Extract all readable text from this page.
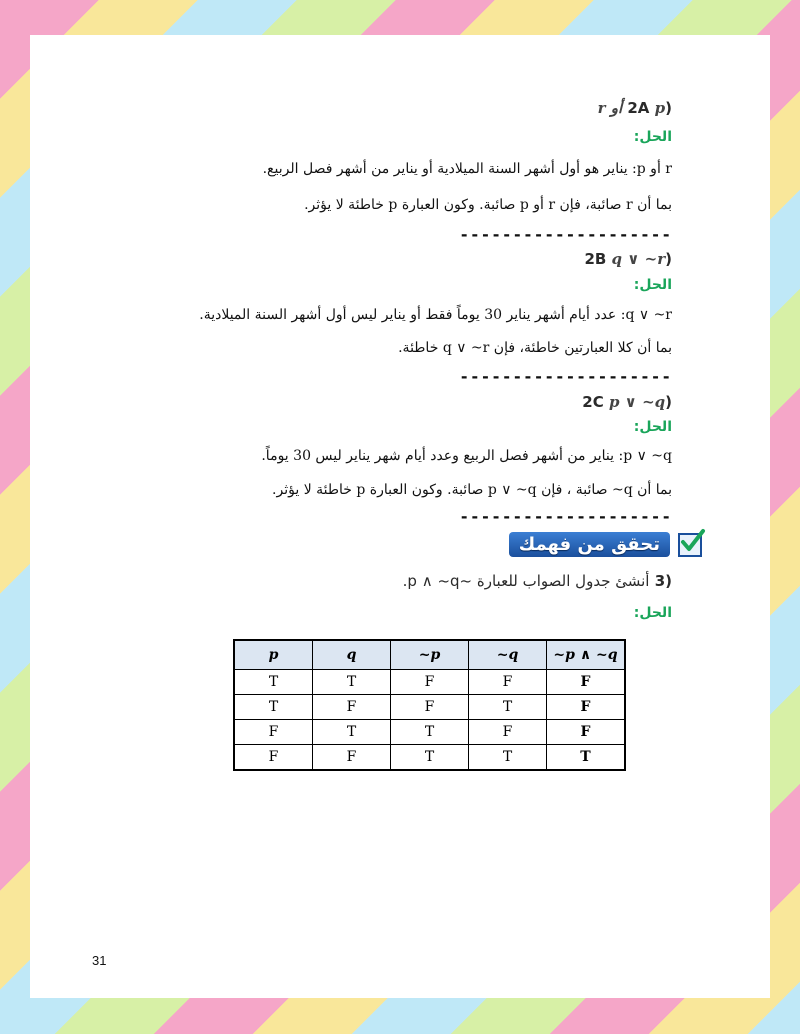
(2A p أو r
الحل:
r أو p: يناير هو أول أشهر السنة الميلادية أو يناير من أشهر فصل الربيع.
بما أن r صائبة، فإن r أو p صائبة. وكون العبارة p خاطئة لا يؤثر.
--------------------
(2B q ∨ ~r
الحل:
q ∨ ~r: عدد أيام أشهر يناير 30 يوماً فقط أو يناير ليس أول أشهر السنة الميلادية.
بما أن كلا العبارتين خاطئة، فإن q ∨ ~r خاطئة.
--------------------
(2C p ∨ ~q
الحل:
p ∨ ~q: يناير من أشهر فصل الربيع وعدد أيام شهر يناير ليس 30 يوماً.
بما أن q~ صائبة ، فإن p ∨ ~q صائبة. وكون العبارة p خاطئة لا يؤثر.
--------------------
تحقق من فهمك
(3 أنشئ جدول الصواب للعبارة ~p ∧ ~q.
الحل:
p	q	~p	~q	~p ∧ ~q
T	T	F	F	F
T	F	F	T	F
F	T	T	F	F
F	F	T	T	T
31
